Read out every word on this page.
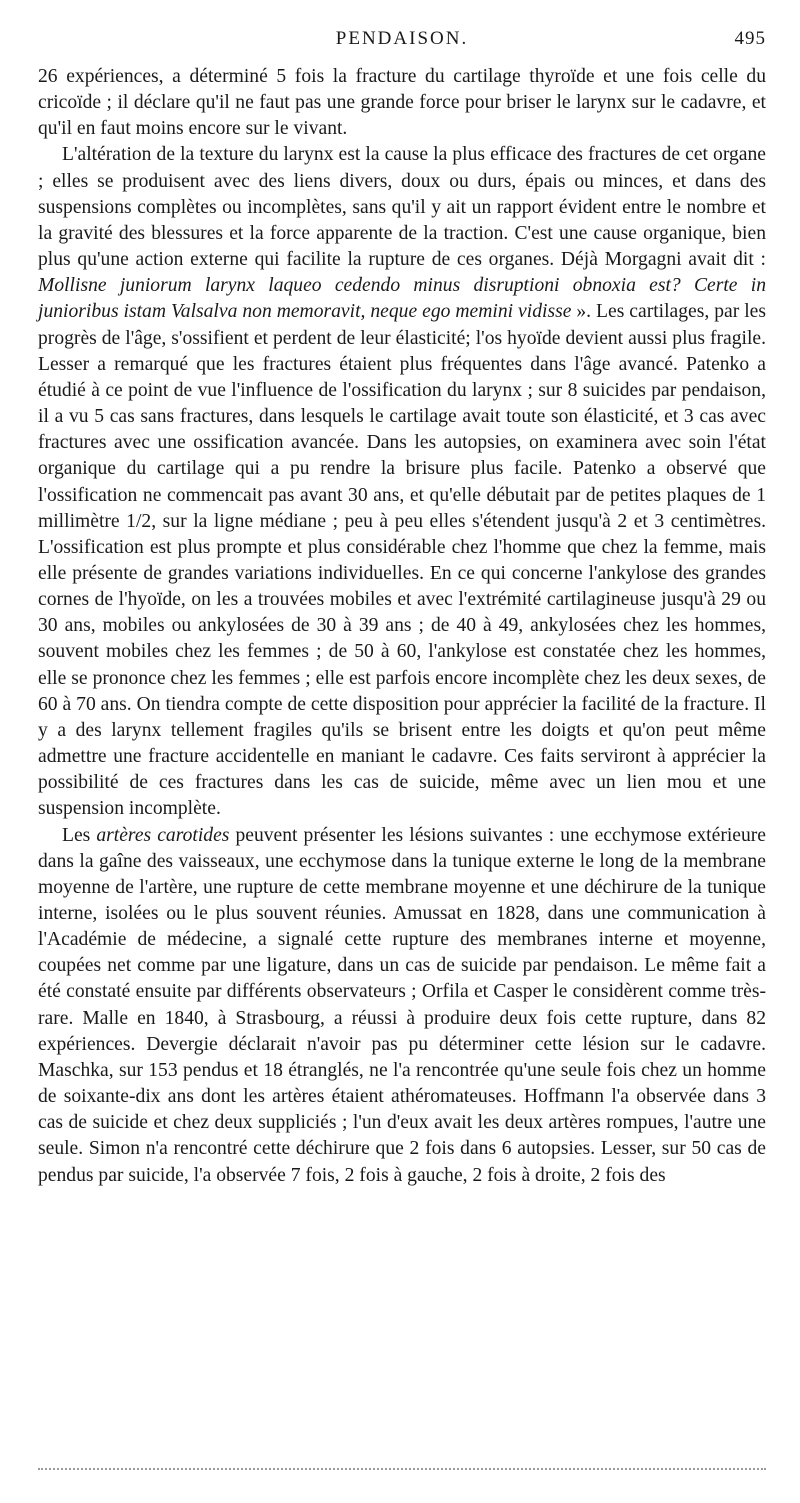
PENDAISON.	495

26 expériences, a déterminé 5 fois la fracture du cartilage thyroïde et une fois celle du cricoïde ; il déclare qu'il ne faut pas une grande force pour briser le larynx sur le cadavre, et qu'il en faut moins encore sur le vivant.

L'altération de la texture du larynx est la cause la plus efficace des fractures de cet organe ; elles se produisent avec des liens divers, doux ou durs, épais ou minces, et dans des suspensions complètes ou incomplètes, sans qu'il y ait un rapport évident entre le nombre et la gravité des blessures et la force apparente de la traction. C'est une cause organique, bien plus qu'une action externe qui facilite la rupture de ces organes. Déjà Morgagni avait dit : Mollisne juniorum larynx laqueo cedendo minus disruptioni obnoxia est? Certe in junioribus istam Valsalva non memoravit, neque ego memini vidisse ». Les cartilages, par les progrès de l'âge, s'ossifient et perdent de leur élasticité; l'os hyoïde devient aussi plus fragile. Lesser a remarqué que les fractures étaient plus fréquentes dans l'âge avancé. Patenko a étudié à ce point de vue l'influence de l'ossification du larynx ; sur 8 suicides par pendaison, il a vu 5 cas sans fractures, dans lesquels le cartilage avait toute son élasticité, et 3 cas avec fractures avec une ossification avancée. Dans les autopsies, on examinera avec soin l'état organique du cartilage qui a pu rendre la brisure plus facile. Patenko a observé que l'ossification ne commencait pas avant 30 ans, et qu'elle débutait par de petites plaques de 1 millimètre 1/2, sur la ligne médiane ; peu à peu elles s'étendent jusqu'à 2 et 3 centimètres. L'ossification est plus prompte et plus considérable chez l'homme que chez la femme, mais elle présente de grandes variations individuelles. En ce qui concerne l'ankylose des grandes cornes de l'hyoïde, on les a trouvées mobiles et avec l'extrémité cartilagineuse jusqu'à 29 ou 30 ans, mobiles ou ankylosées de 30 à 39 ans ; de 40 à 49, ankylosées chez les hommes, souvent mobiles chez les femmes ; de 50 à 60, l'ankylose est constatée chez les hommes, elle se prononce chez les femmes ; elle est parfois encore incomplète chez les deux sexes, de 60 à 70 ans. On tiendra compte de cette disposition pour apprécier la facilité de la fracture. Il y a des larynx tellement fragiles qu'ils se brisent entre les doigts et qu'on peut même admettre une fracture accidentelle en maniant le cadavre. Ces faits serviront à apprécier la possibilité de ces fractures dans les cas de suicide, même avec un lien mou et une suspension incomplète.

Les artères carotides peuvent présenter les lésions suivantes : une ecchymose extérieure dans la gaîne des vaisseaux, une ecchymose dans la tunique externe le long de la membrane moyenne de l'artère, une rupture de cette membrane moyenne et une déchirure de la tunique interne, isolées ou le plus souvent réunies. Amussat en 1828, dans une communication à l'Académie de médecine, a signalé cette rupture des membranes interne et moyenne, coupées net comme par une ligature, dans un cas de suicide par pendaison. Le même fait a été constaté ensuite par différents observateurs ; Orfila et Casper le considèrent comme très-rare. Malle en 1840, à Strasbourg, a réussi à produire deux fois cette rupture, dans 82 expériences. Devergie déclarait n'avoir pas pu déterminer cette lésion sur le cadavre. Maschka, sur 153 pendus et 18 étranglés, ne l'a rencontrée qu'une seule fois chez un homme de soixante-dix ans dont les artères étaient athéromateuses. Hoffmann l'a observée dans 3 cas de suicide et chez deux suppliciés ; l'un d'eux avait les deux artères rompues, l'autre une seule. Simon n'a rencontré cette déchirure que 2 fois dans 6 autopsies. Lesser, sur 50 cas de pendus par suicide, l'a observée 7 fois, 2 fois à gauche, 2 fois à droite, 2 fois des
